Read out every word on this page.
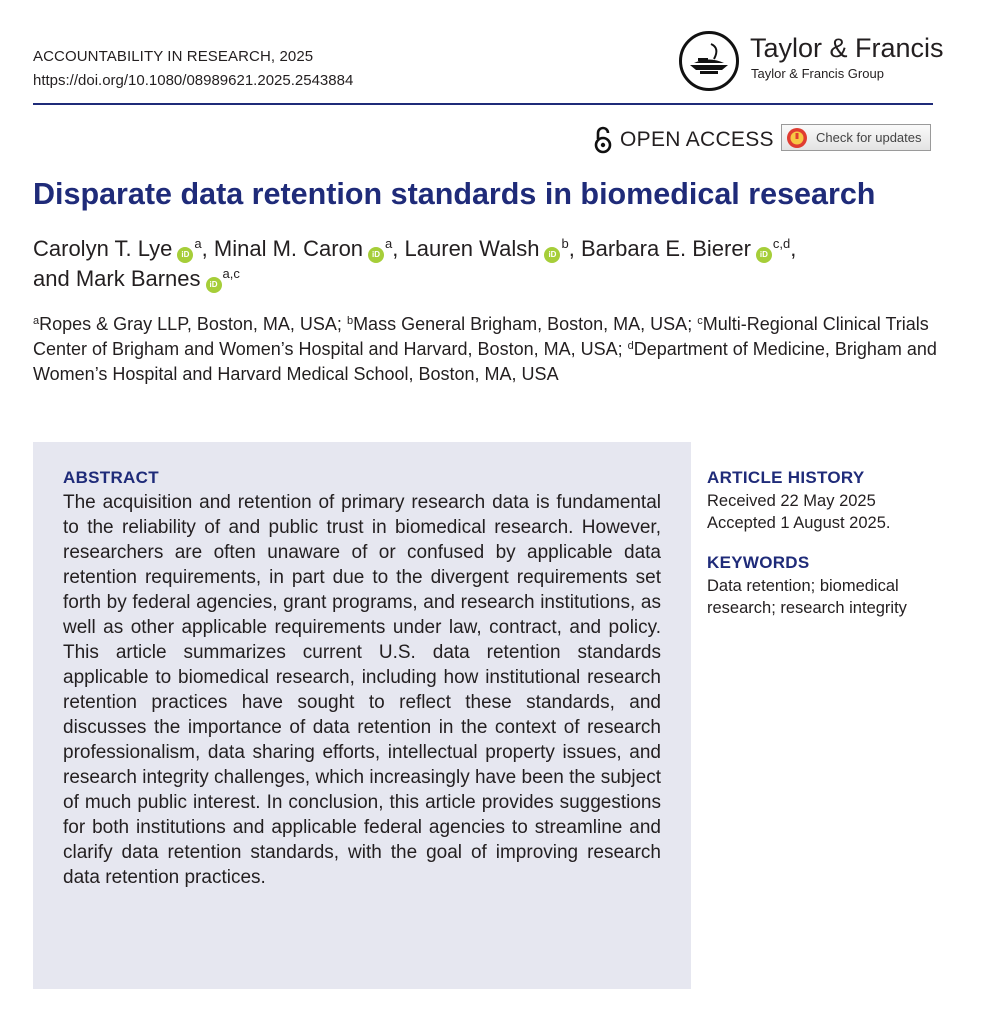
ACCOUNTABILITY IN RESEARCH, 2025
https://doi.org/10.1080/08989621.2025.2543884
Taylor & Francis
Taylor & Francis Group
OPEN ACCESS	Check for updates
Disparate data retention standards in biomedical research
Carolyn T. Lye iD$^a$, Minal M. Caron iD$^a$, Lauren Walsh iD$^b$, Barbara E. Bierer iD$^{c,d}$,
and Mark Barnes iD$^{a,c}$
$^a$Ropes & Gray LLP, Boston, MA, USA; $^b$Mass General Brigham, Boston, MA, USA; $^c$Multi-Regional Clinical Trials Center of Brigham and Women’s Hospital and Harvard, Boston, MA, USA; $^d$Department of Medicine, Brigham and Women’s Hospital and Harvard Medical School, Boston, MA, USA
ABSTRACT

The acquisition and retention of primary research data is fundamental to the reliability of and public trust in biomedical research. However, researchers are often unaware of or confused by applicable data retention requirements, in part due to the divergent requirements set forth by federal agencies, grant programs, and research institutions, as well as other applicable requirements under law, contract, and policy. This article summarizes current U.S. data retention standards applicable to biomedical research, including how institutional research retention practices have sought to reflect these standards, and discusses the importance of data retention in the context of research professionalism, data sharing efforts, intellectual property issues, and research integrity challenges, which increasingly have been the subject of much public interest. In conclusion, this article provides suggestions for both institutions and applicable federal agencies to streamline and clarify data retention standards, with the goal of improving research data retention practices.

ARTICLE HISTORY
Received 22 May 2025
Accepted 1 August 2025.
KEYWORDS
Data retention; biomedical
research; research integrity
